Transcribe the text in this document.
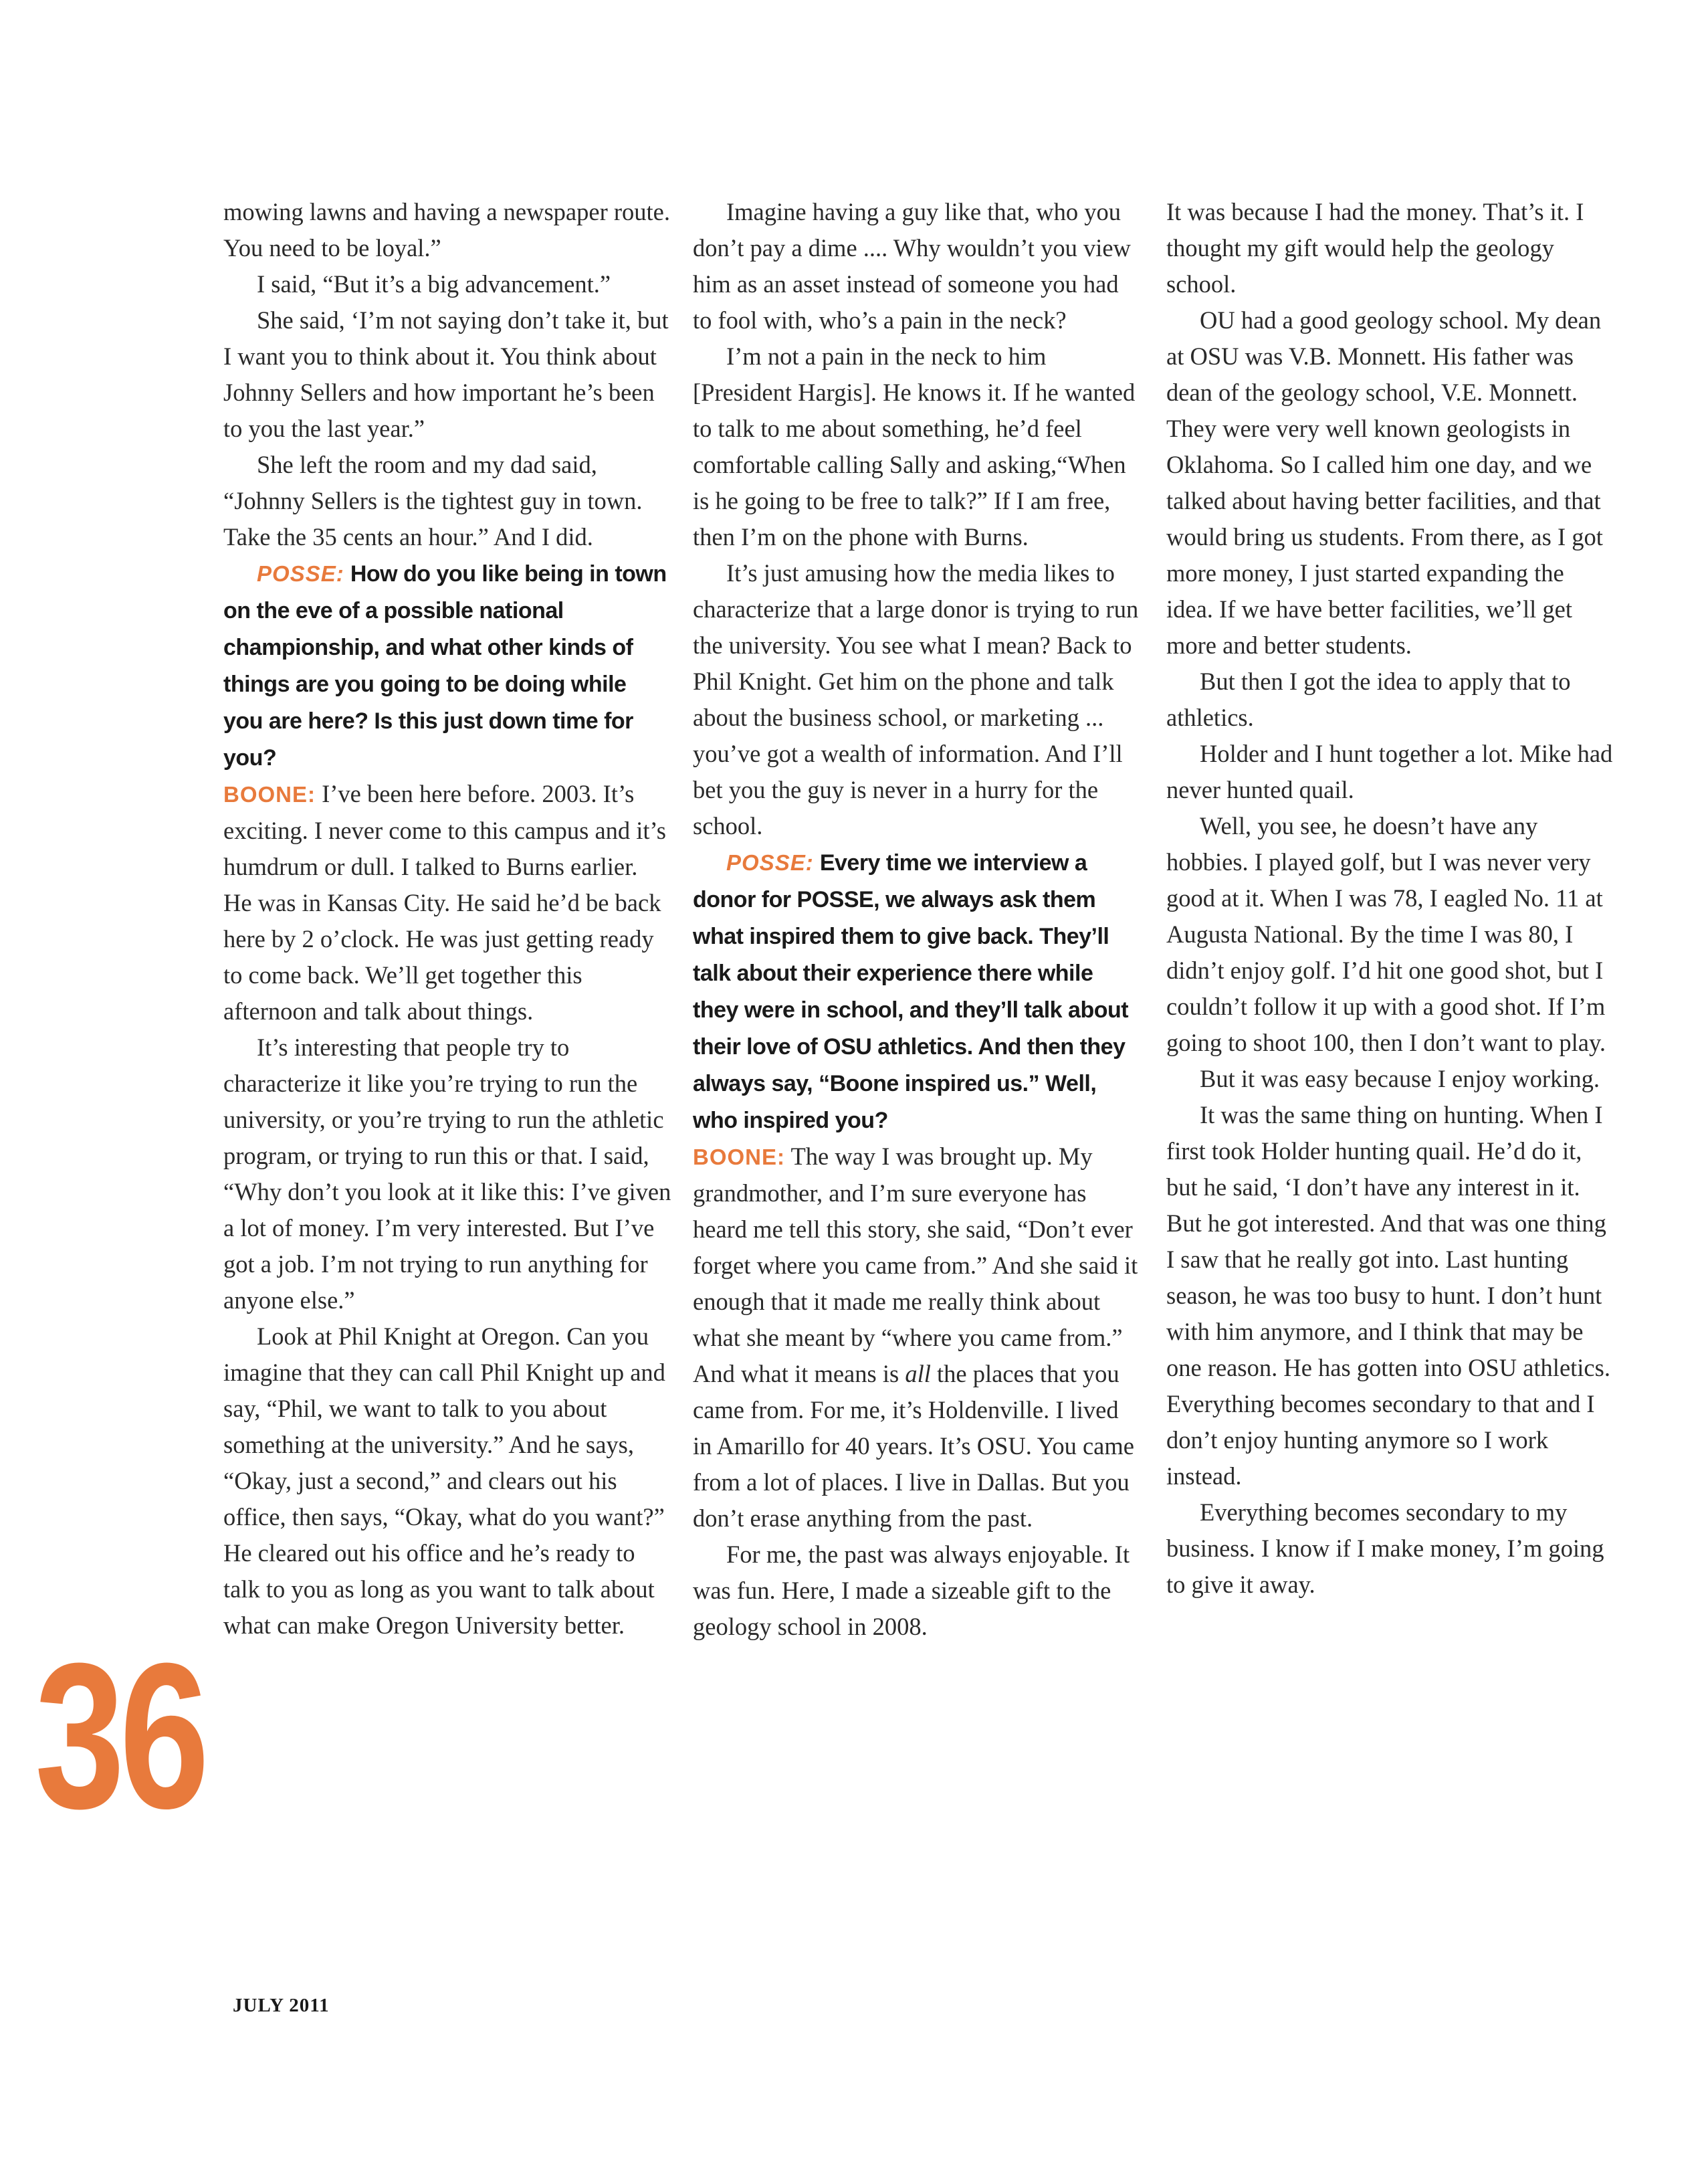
36

mowing lawns and having a newspaper route. You need to be loyal.”

I said, “But it’s a big advancement.”

She said, ‘I’m not saying don’t take it, but I want you to think about it. You think about Johnny Sellers and how important he’s been to you the last year.”

She left the room and my dad said, “Johnny Sellers is the tightest guy in town. Take the 35 cents an hour.” And I did.

POSSE: How do you like being in town on the eve of a possible national championship, and what other kinds of things are you going to be doing while you are here? Is this just down time for you?

BOONE: I’ve been here before. 2003. It’s exciting. I never come to this campus and it’s humdrum or dull. I talked to Burns earlier. He was in Kansas City. He said he’d be back here by 2 o’clock. He was just getting ready to come back. We’ll get together this afternoon and talk about things.

It’s interesting that people try to characterize it like you’re trying to run the university, or you’re trying to run the athletic program, or trying to run this or that. I said, “Why don’t you look at it like this: I’ve given a lot of money. I’m very interested. But I’ve got a job. I’m not trying to run anything for anyone else.”

Look at Phil Knight at Oregon. Can you imagine that they can call Phil Knight up and say, “Phil, we want to talk to you about something at the university.” And he says, “Okay, just a second,” and clears out his office, then says, “Okay, what do you want?” He cleared out his office and he’s ready to talk to you as long as you want to talk about what can make Oregon University better.

Imagine having a guy like that, who you don’t pay a dime .... Why wouldn’t you view him as an asset instead of someone you had to fool with, who’s a pain in the neck?

I’m not a pain in the neck to him [President Hargis]. He knows it. If he wanted to talk to me about something, he’d feel comfortable calling Sally and asking,“When is he going to be free to talk?” If I am free, then I’m on the phone with Burns.

It’s just amusing how the media likes to characterize that a large donor is trying to run the university. You see what I mean? Back to Phil Knight. Get him on the phone and talk about the business school, or marketing ... you’ve got a wealth of information. And I’ll bet you the guy is never in a hurry for the school.

POSSE: Every time we interview a donor for POSSE, we always ask them what inspired them to give back. They’ll talk about their experience there while they were in school, and they’ll talk about their love of OSU athletics. And then they always say, “Boone inspired us.” Well, who inspired you?

BOONE: The way I was brought up. My grandmother, and I’m sure everyone has heard me tell this story, she said, “Don’t ever forget where you came from.” And she said it enough that it made me really think about what she meant by “where you came from.” And what it means is all the places that you came from. For me, it’s Holdenville. I lived in Amarillo for 40 years. It’s OSU. You came from a lot of places. I live in Dallas. But you don’t erase anything from the past.

For me, the past was always enjoyable. It was fun. Here, I made a sizeable gift to the geology school in 2008.

It was because I had the money. That’s it. I thought my gift would help the geology school.

OU had a good geology school. My dean at OSU was V.B. Monnett. His father was dean of the geology school, V.E. Monnett. They were very well known geologists in Oklahoma. So I called him one day, and we talked about having better facilities, and that would bring us students. From there, as I got more money, I just started expanding the idea. If we have better facilities, we’ll get more and better students.

But then I got the idea to apply that to athletics.

Holder and I hunt together a lot. Mike had never hunted quail.

Well, you see, he doesn’t have any hobbies. I played golf, but I was never very good at it. When I was 78, I eagled No. 11 at Augusta National. By the time I was 80, I didn’t enjoy golf. I’d hit one good shot, but I couldn’t follow it up with a good shot. If I’m going to shoot 100, then I don’t want to play.

But it was easy because I enjoy working.

It was the same thing on hunting. When I first took Holder hunting quail. He’d do it, but he said, ‘I don’t have any interest in it. But he got interested. And that was one thing I saw that he really got into. Last hunting season, he was too busy to hunt. I don’t hunt with him anymore, and I think that may be one reason. He has gotten into OSU athletics. Everything becomes secondary to that and I don’t enjoy hunting anymore so I work instead.

Everything becomes secondary to my business. I know if I make money, I’m going to give it away.

JULY 2011
